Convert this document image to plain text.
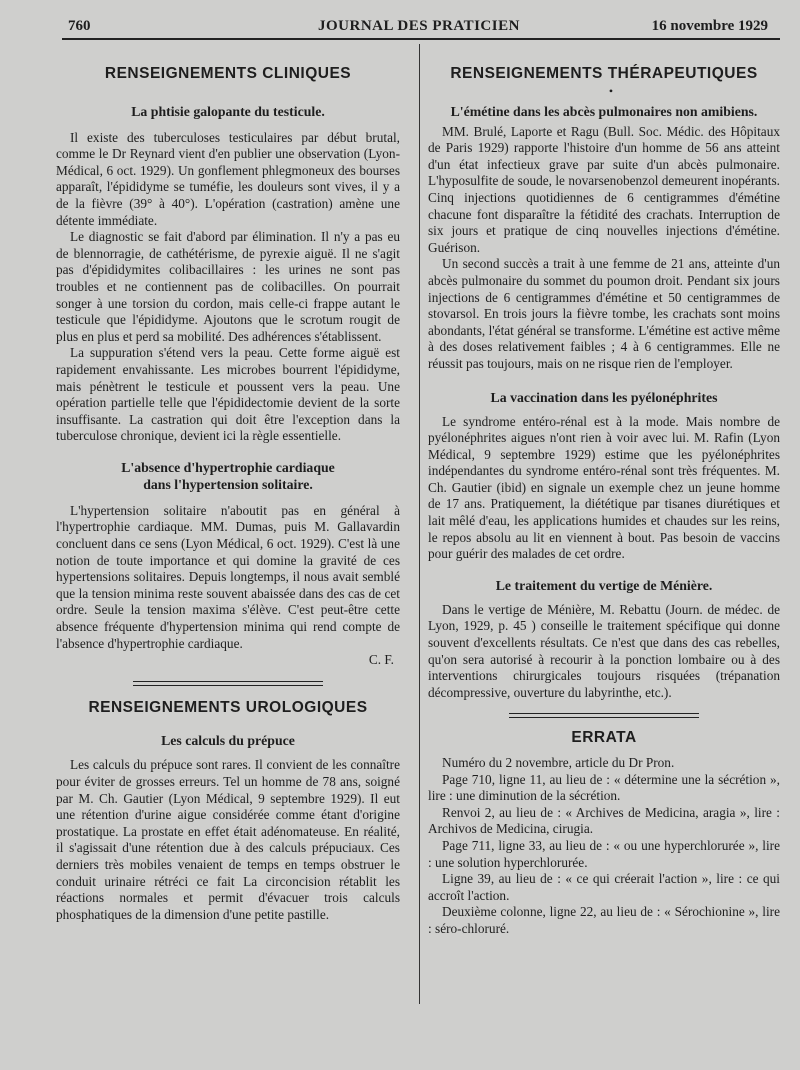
760	JOURNAL DES PRATICIEN	16 novembre 1929
RENSEIGNEMENTS CLINIQUES
La phtisie galopante du testicule.

Il existe des tuberculoses testiculaires par début brutal, comme le Dr Reynard vient d'en publier une observation (Lyon-Médical, 6 oct. 1929). Un gonflement phlegmoneux des bourses apparaît, l'épididyme se tuméfie, les douleurs sont vives, il y a de la fièvre (39° à 40°). L'opération (castration) amène une détente immédiate.

Le diagnostic se fait d'abord par élimination. Il n'y a pas eu de blennorragie, de cathétérisme, de pyrexie aiguë. Il ne s'agit pas d'épididymites colibacillaires : les urines ne sont pas troubles et ne contiennent pas de colibacilles. On pourrait songer à une torsion du cordon, mais celle-ci frappe autant le testicule que l'épididyme. Ajoutons que le scrotum rougit de plus en plus et perd sa mobilité. Des adhérences s'établissent.

La suppuration s'étend vers la peau. Cette forme aiguë est rapidement envahissante. Les microbes bourrent l'épididyme, mais pénètrent le testicule et poussent vers la peau. Une opération partielle telle que l'épididectomie devient de la sorte insuffisante. La castration qui doit être l'exception dans la tuberculose chronique, devient ici la règle essentielle.

L'absence d'hypertrophie cardiaque
dans l'hypertension solitaire.

L'hypertension solitaire n'aboutit pas en général à l'hypertrophie cardiaque. MM. Dumas, puis M. Gallavardin concluent dans ce sens (Lyon Médical, 6 oct. 1929). C'est là une notion de toute importance et qui domine la gravité de ces hypertensions solitaires. Depuis longtemps, il nous avait semblé que la tension minima reste souvent abaissée dans des cas de cet ordre. Seule la tension maxima s'élève. C'est peut-être cette absence fréquente d'hypertension minima qui rend compte de l'absence d'hypertrophie cardiaque.

C. F.

RENSEIGNEMENTS UROLOGIQUES
Les calculs du prépuce

Les calculs du prépuce sont rares. Il convient de les connaître pour éviter de grosses erreurs. Tel un homme de 78 ans, soigné par M. Ch. Gautier (Lyon Médical, 9 septembre 1929). Il eut une rétention d'urine aigue considérée comme étant d'origine prostatique. La prostate en effet était adénomateuse. En réalité, il s'agissait d'une rétention due à des calculs prépuciaux. Ces derniers très mobiles venaient de temps en temps obstruer le conduit urinaire rétréci ce fait La circoncision rétablit les réactions normales et permit d'évacuer trois calculs phosphatiques de la dimension d'une petite pastille.

RENSEIGNEMENTS THÉRAPEUTIQUES

•

L'émétine dans les abcès pulmonaires non amibiens.

MM. Brulé, Laporte et Ragu (Bull. Soc. Médic. des Hôpitaux de Paris 1929) rapporte l'histoire d'un homme de 56 ans atteint d'un état infectieux grave par suite d'un abcès pulmonaire. L'hyposulfite de soude, le novarsenobenzol demeurent inopérants. Cinq injections quotidiennes de 6 centigrammes d'émétine chacune font disparaître la fétidité des crachats. Interruption de six jours et pratique de cinq nouvelles injections d'émétine. Guérison.

Un second succès a trait à une femme de 21 ans, atteinte d'un abcès pulmonaire du sommet du poumon droit. Pendant six jours injections de 6 centigrammes d'émétine et 50 centigrammes de stovarsol. En trois jours la fièvre tombe, les crachats sont moins abondants, l'état général se transforme. L'émétine est active même à des doses relativement faibles ; 4 à 6 centigrammes. Elle ne réussit pas toujours, mais on ne risque rien de l'employer.

La vaccination dans les pyélonéphrites

Le syndrome entéro-rénal est à la mode. Mais nombre de pyélonéphrites aigues n'ont rien à voir avec lui. M. Rafin (Lyon Médical, 9 septembre 1929) estime que les pyélonéphrites indépendantes du syndrome entéro-rénal sont très fréquentes. M. Ch. Gautier (ibid) en signale un exemple chez un jeune homme de 17 ans. Pratiquement, la diététique par tisanes diurétiques et lait mêlé d'eau, les applications humides et chaudes sur les reins, le repos absolu au lit en viennent à bout. Pas besoin de vaccins pour guérir des malades de cet ordre.

Le traitement du vertige de Ménière.

Dans le vertige de Ménière, M. Rebattu (Journ. de médec. de Lyon, 1929, p. 45 ) conseille le traitement spécifique qui donne souvent d'excellents résultats. Ce n'est que dans des cas rebelles, qu'on sera autorisé à recourir à la ponction lombaire ou à des interventions chirurgicales toujours risquées (trépanation décompressive, ouverture du labyrinthe, etc.).

ERRATA

Numéro du 2 novembre, article du Dr Pron.

Page 710, ligne 11, au lieu de : « détermine une la sécrétion », lire : une diminution de la sécrétion.

Renvoi 2, au lieu de : « Archives de Medicina, aragia », lire : Archivos de Medicina, cirugia.

Page 711, ligne 33, au lieu de : « ou une hyperchlorurée », lire : une solution hyperchlorurée.

Ligne 39, au lieu de : « ce qui créerait l'action », lire : ce qui accroît l'action.

Deuxième colonne, ligne 22, au lieu de : « Sérochionine », lire : séro-chloruré.
